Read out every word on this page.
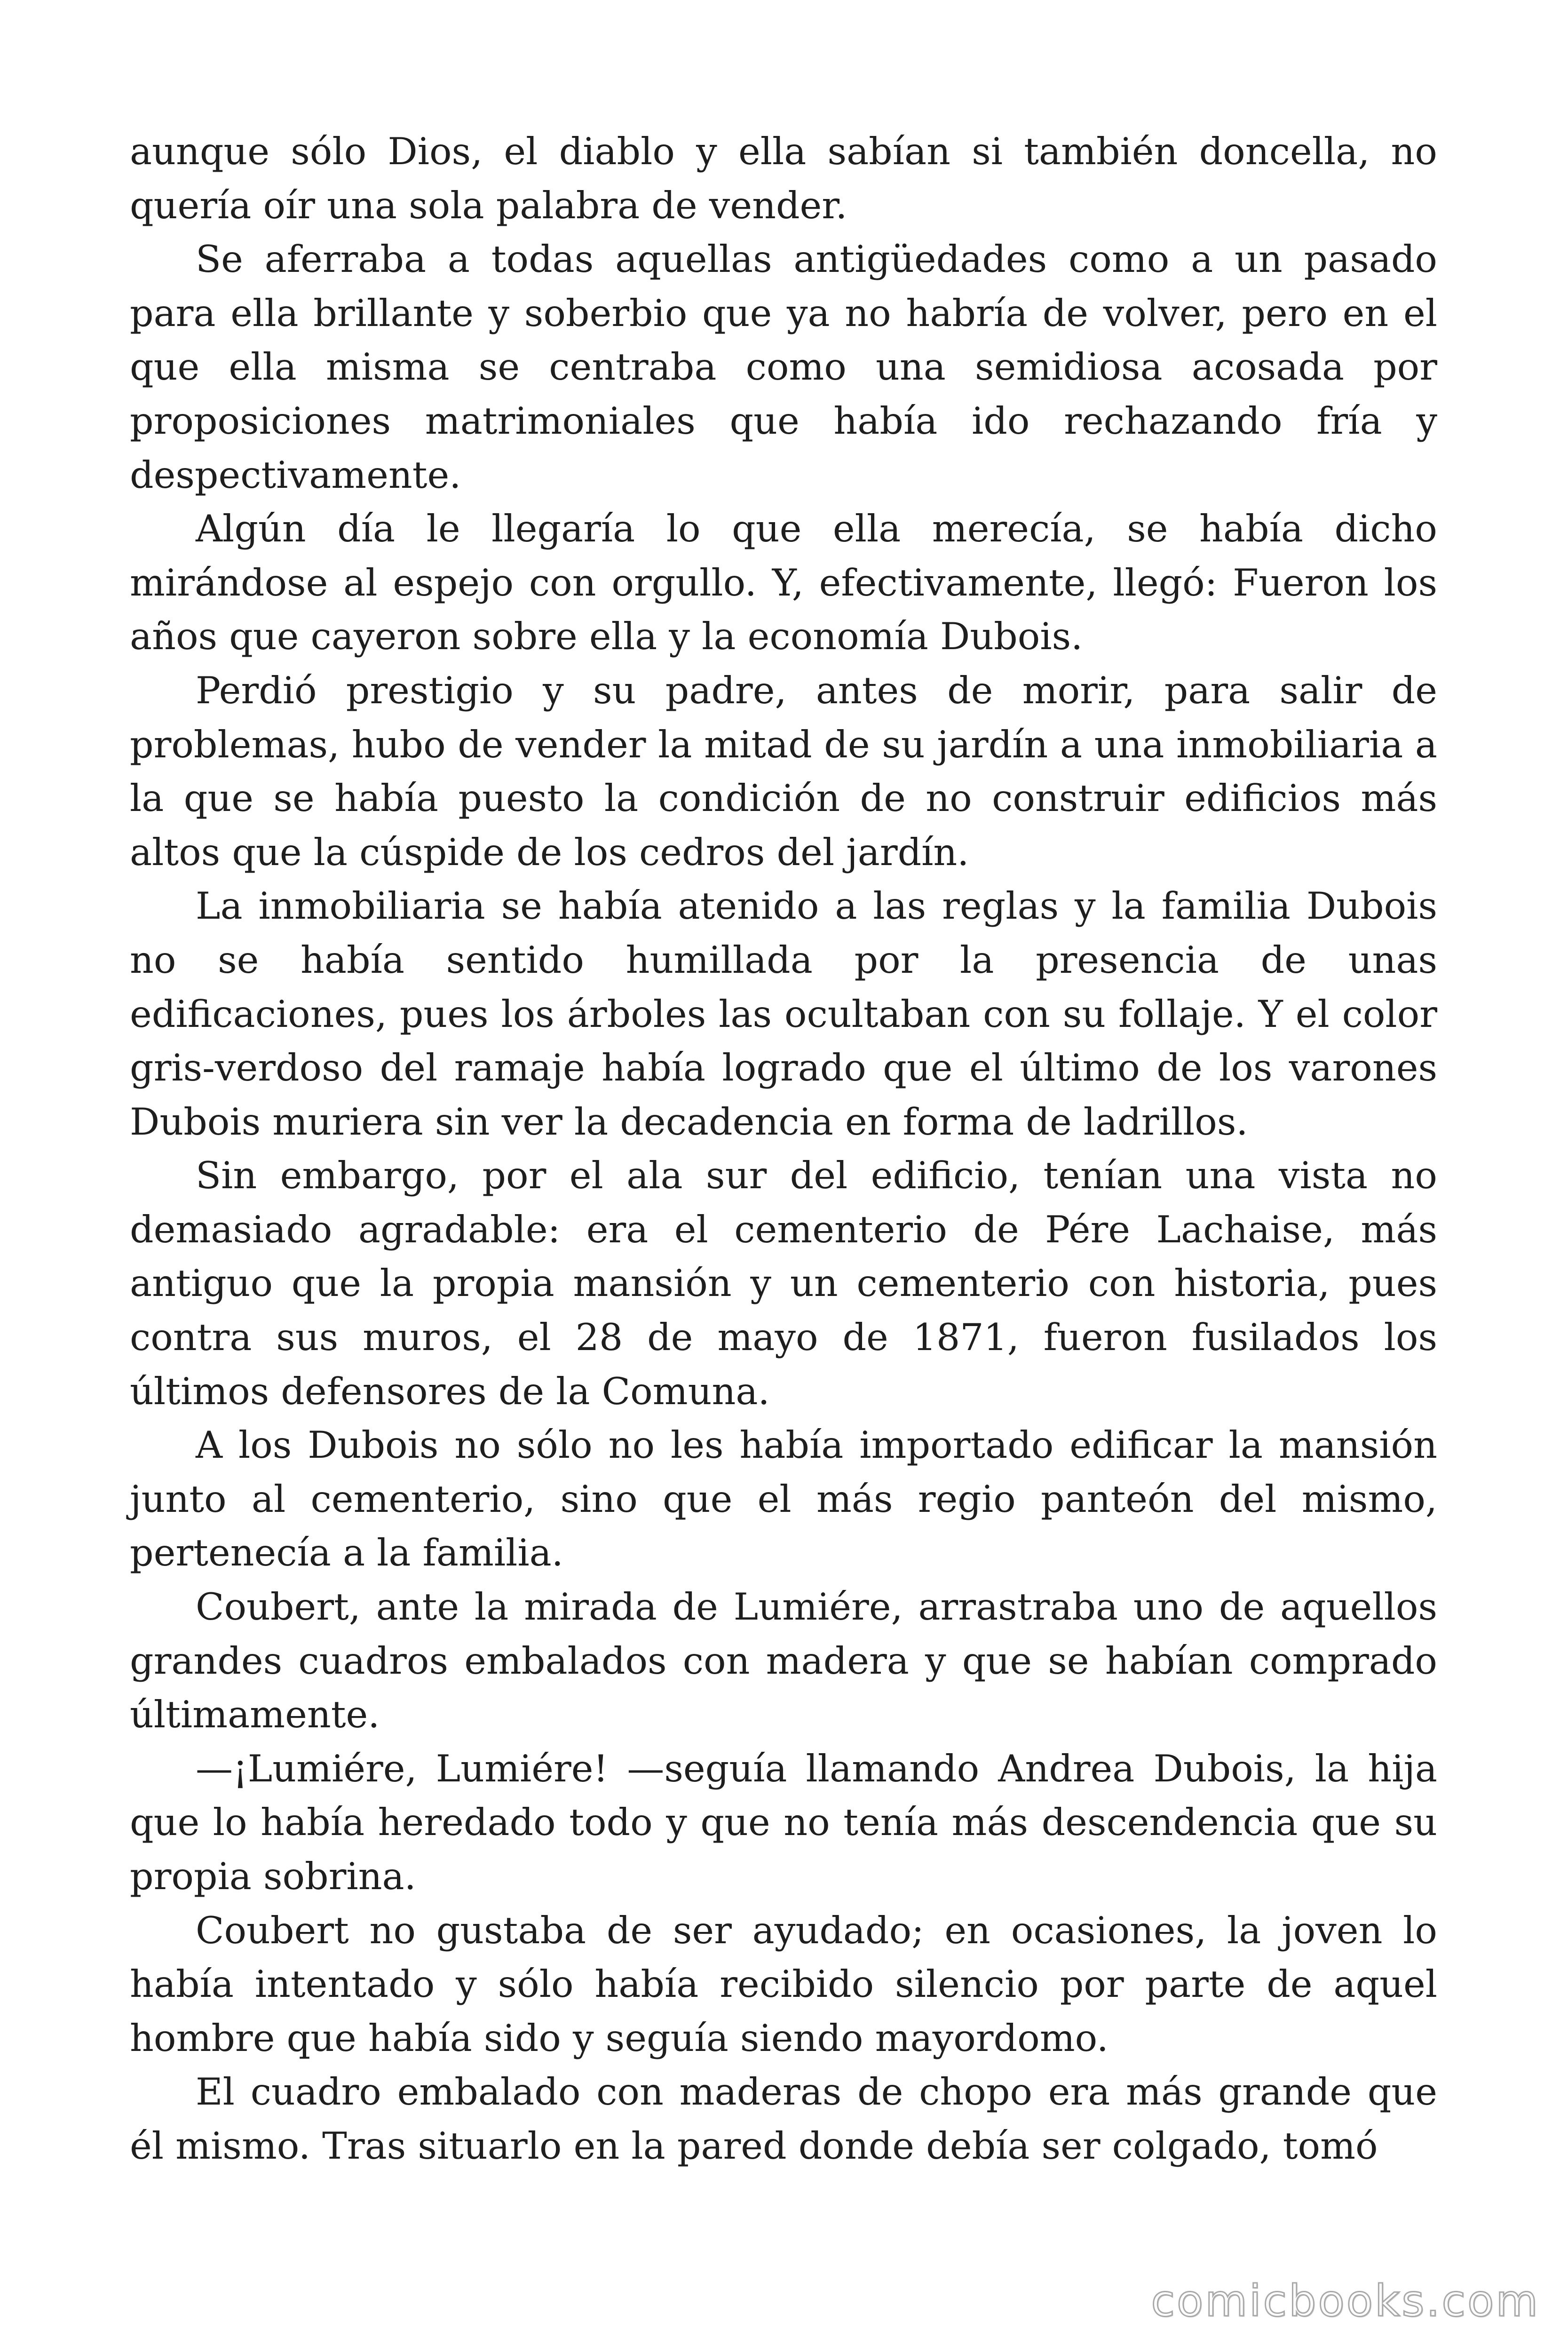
aunque sólo Dios, el diablo y ella sabían si también doncella, no quería oír una sola palabra de vender.

Se aferraba a todas aquellas antigüedades como a un pasado para ella brillante y soberbio que ya no habría de volver, pero en el que ella misma se centraba como una semidiosa acosada por proposiciones matrimoniales que había ido rechazando fría y despectivamente.

Algún día le llegaría lo que ella merecía, se había dicho mirándose al espejo con orgullo. Y, efectivamente, llegó: Fueron los años que cayeron sobre ella y la economía Dubois.

Perdió prestigio y su padre, antes de morir, para salir de problemas, hubo de vender la mitad de su jardín a una inmobiliaria a la que se había puesto la condición de no construir edificios más altos que la cúspide de los cedros del jardín.

La inmobiliaria se había atenido a las reglas y la familia Dubois no se había sentido humillada por la presencia de unas edificaciones, pues los árboles las ocultaban con su follaje. Y el color gris-verdoso del ramaje había logrado que el último de los varones Dubois muriera sin ver la decadencia en forma de ladrillos.

Sin embargo, por el ala sur del edificio, tenían una vista no demasiado agradable: era el cementerio de Pére Lachaise, más antiguo que la propia mansión y un cementerio con historia, pues contra sus muros, el 28 de mayo de 1871, fueron fusilados los últimos defensores de la Comuna.

A los Dubois no sólo no les había importado edificar la mansión junto al cementerio, sino que el más regio panteón del mismo, pertenecía a la familia.

Coubert, ante la mirada de Lumiére, arrastraba uno de aquellos grandes cuadros embalados con madera y que se habían comprado últimamente.

—¡Lumiére, Lumiére! —seguía llamando Andrea Dubois, la hija que lo había heredado todo y que no tenía más descendencia que su propia sobrina.

Coubert no gustaba de ser ayudado; en ocasiones, la joven lo había intentado y sólo había recibido silencio por parte de aquel hombre que había sido y seguía siendo mayordomo.

El cuadro embalado con maderas de chopo era más grande que él mismo. Tras situarlo en la pared donde debía ser colgado, tomó

comicbooks.com
